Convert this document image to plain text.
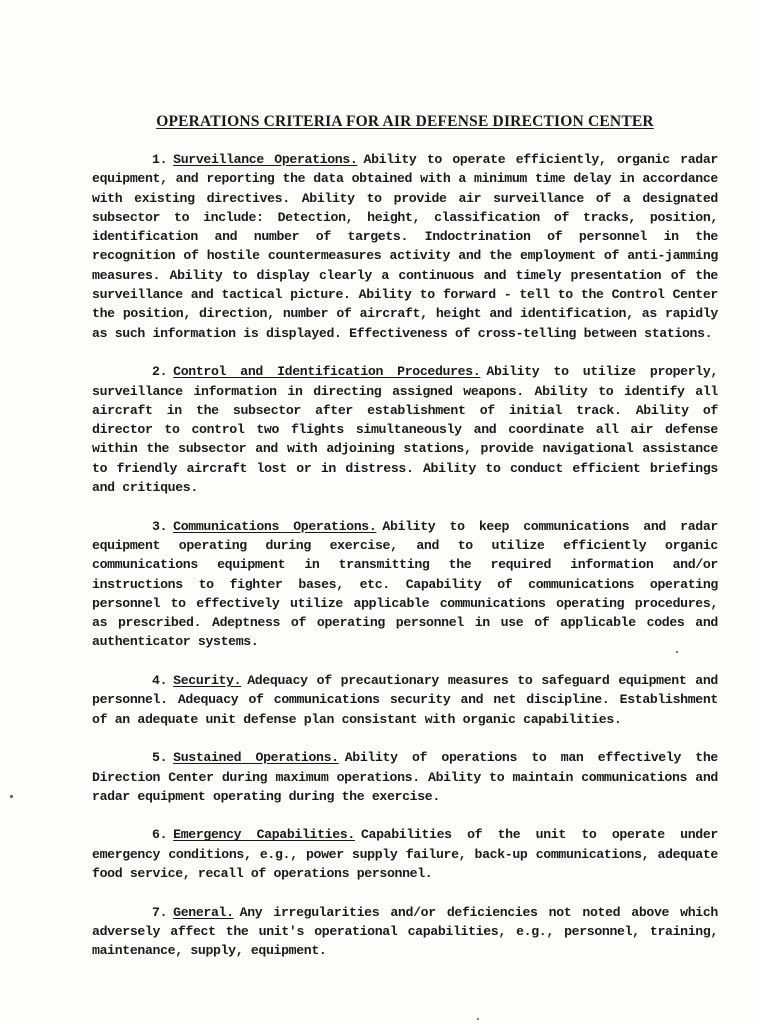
OPERATIONS CRITERIA FOR AIR DEFENSE DIRECTION CENTER

1. Surveillance Operations. Ability to operate efficiently, organic radar equipment, and reporting the data obtained with a minimum time delay in accordance with existing directives. Ability to provide air surveillance of a designated subsector to include: Detection, height, classification of tracks, position, identification and number of targets. Indoctrination of personnel in the recognition of hostile countermeasures activity and the employment of anti-jamming measures. Ability to display clearly a continuous and timely presentation of the surveillance and tactical picture. Ability to forward - tell to the Control Center the position, direction, number of aircraft, height and identification, as rapidly as such information is displayed. Effectiveness of cross-telling between stations.

2. Control and Identification Procedures. Ability to utilize properly, surveillance information in directing assigned weapons. Ability to identify all aircraft in the subsector after establishment of initial track. Ability of director to control two flights simultaneously and coordinate all air defense within the subsector and with adjoining stations, provide navigational assistance to friendly aircraft lost or in distress. Ability to conduct efficient briefings and critiques.

3. Communications Operations. Ability to keep communications and radar equipment operating during exercise, and to utilize efficiently organic communications equipment in transmitting the required information and/or instructions to fighter bases, etc. Capability of communications operating personnel to effectively utilize applicable communications operating procedures, as prescribed. Adeptness of operating personnel in use of applicable codes and authenticator systems.

4. Security. Adequacy of precautionary measures to safeguard equipment and personnel. Adequacy of communications security and net discipline. Establishment of an adequate unit defense plan consistant with organic capabilities.

5. Sustained Operations. Ability of operations to man effectively the Direction Center during maximum operations. Ability to maintain communications and radar equipment operating during the exercise.

6. Emergency Capabilities. Capabilities of the unit to operate under emergency conditions, e.g., power supply failure, back-up communications, adequate food service, recall of operations personnel.

7. General. Any irregularities and/or deficiencies not noted above which adversely affect the unit's operational capabilities, e.g., personnel, training, maintenance, supply, equipment.
